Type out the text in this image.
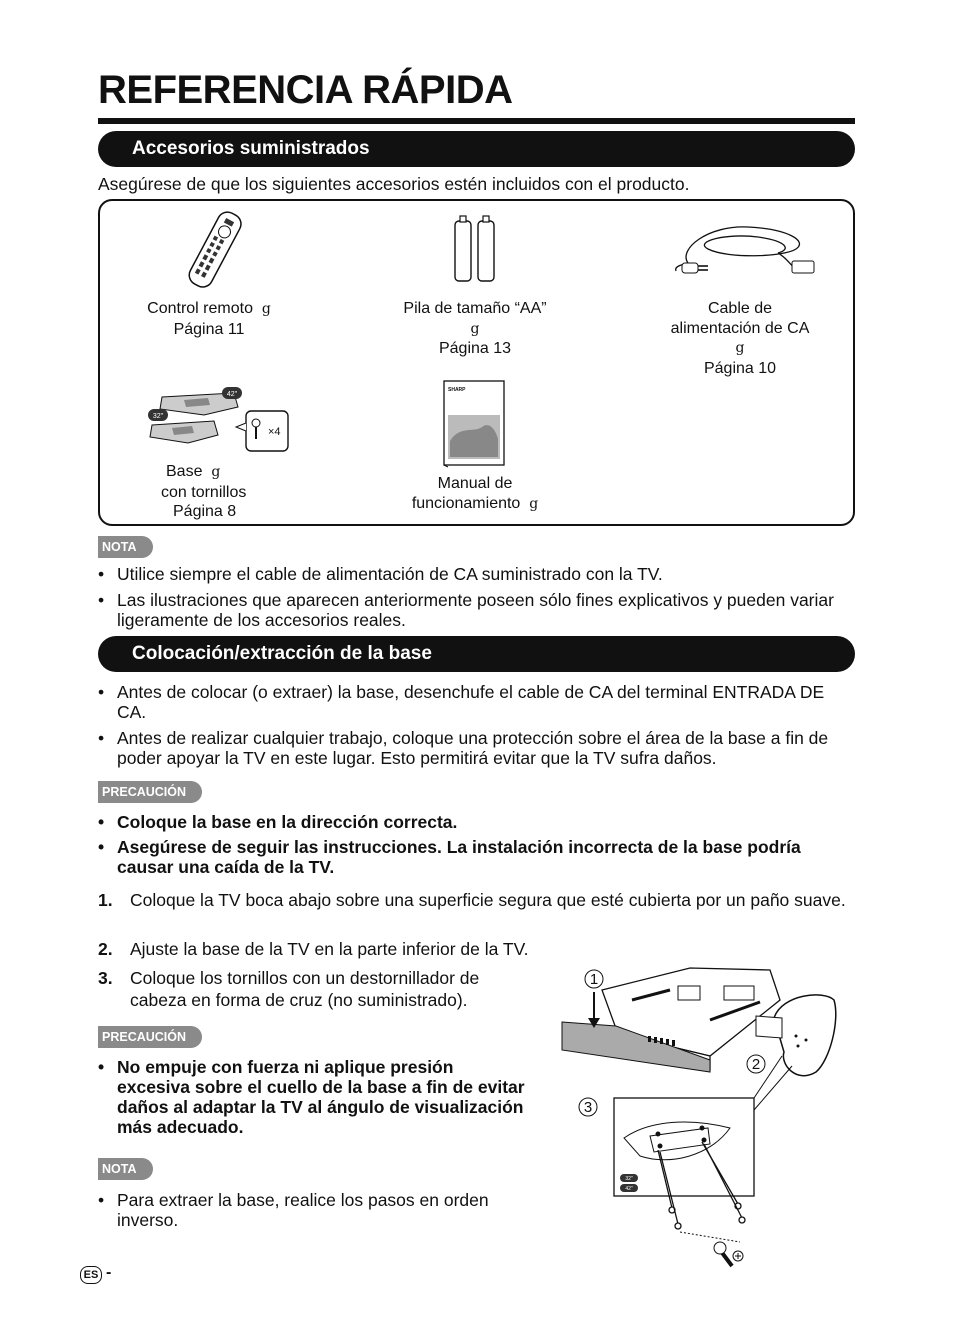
REFERENCIA RÁPIDA
Accesorios suministrados
Asegúrese de que los siguientes accesorios estén incluidos con el producto.
Control remoto g
Página 11
Pila de tamaño “AA”
g
Página 13
Cable de
alimentación de CA
g
Página 10
42"
32"
×4
Base g
con tornillos
Página 8
SHARP
Manual de
funcionamiento g
NOTA
• Utilice siempre el cable de alimentación de CA suministrado con la TV.
• Las ilustraciones que aparecen anteriormente poseen sólo fines explicativos y pueden variar ligeramente de los accesorios reales.
Colocación/extracción de la base
• Antes de colocar (o extraer) la base, desenchufe el cable de CA del terminal ENTRADA DE CA.
• Antes de realizar cualquier trabajo, coloque una protección sobre el área de la base a fin de poder apoyar la TV en este lugar. Esto permitirá evitar que la TV sufra daños.
PRECAUCIÓN
• Coloque la base en la dirección correcta.
• Asegúrese de seguir las instrucciones. La instalación incorrecta de la base podría causar una caída de la TV.
1. Coloque la TV boca abajo sobre una superficie segura que esté cubierta por un paño suave.
2. Ajuste la base de la TV en la parte inferior de la TV.
3. Coloque los tornillos con un destornillador de cabeza en forma de cruz (no suministrado).
PRECAUCIÓN
• No empuje con fuerza ni aplique presión excesiva sobre el cuello de la base a fin de evitar daños al adaptar la TV al ángulo de visualización más adecuado.
NOTA
• Para extraer la base, realice los pasos en orden inverso.
1
2
3
32"
42"
ES -
